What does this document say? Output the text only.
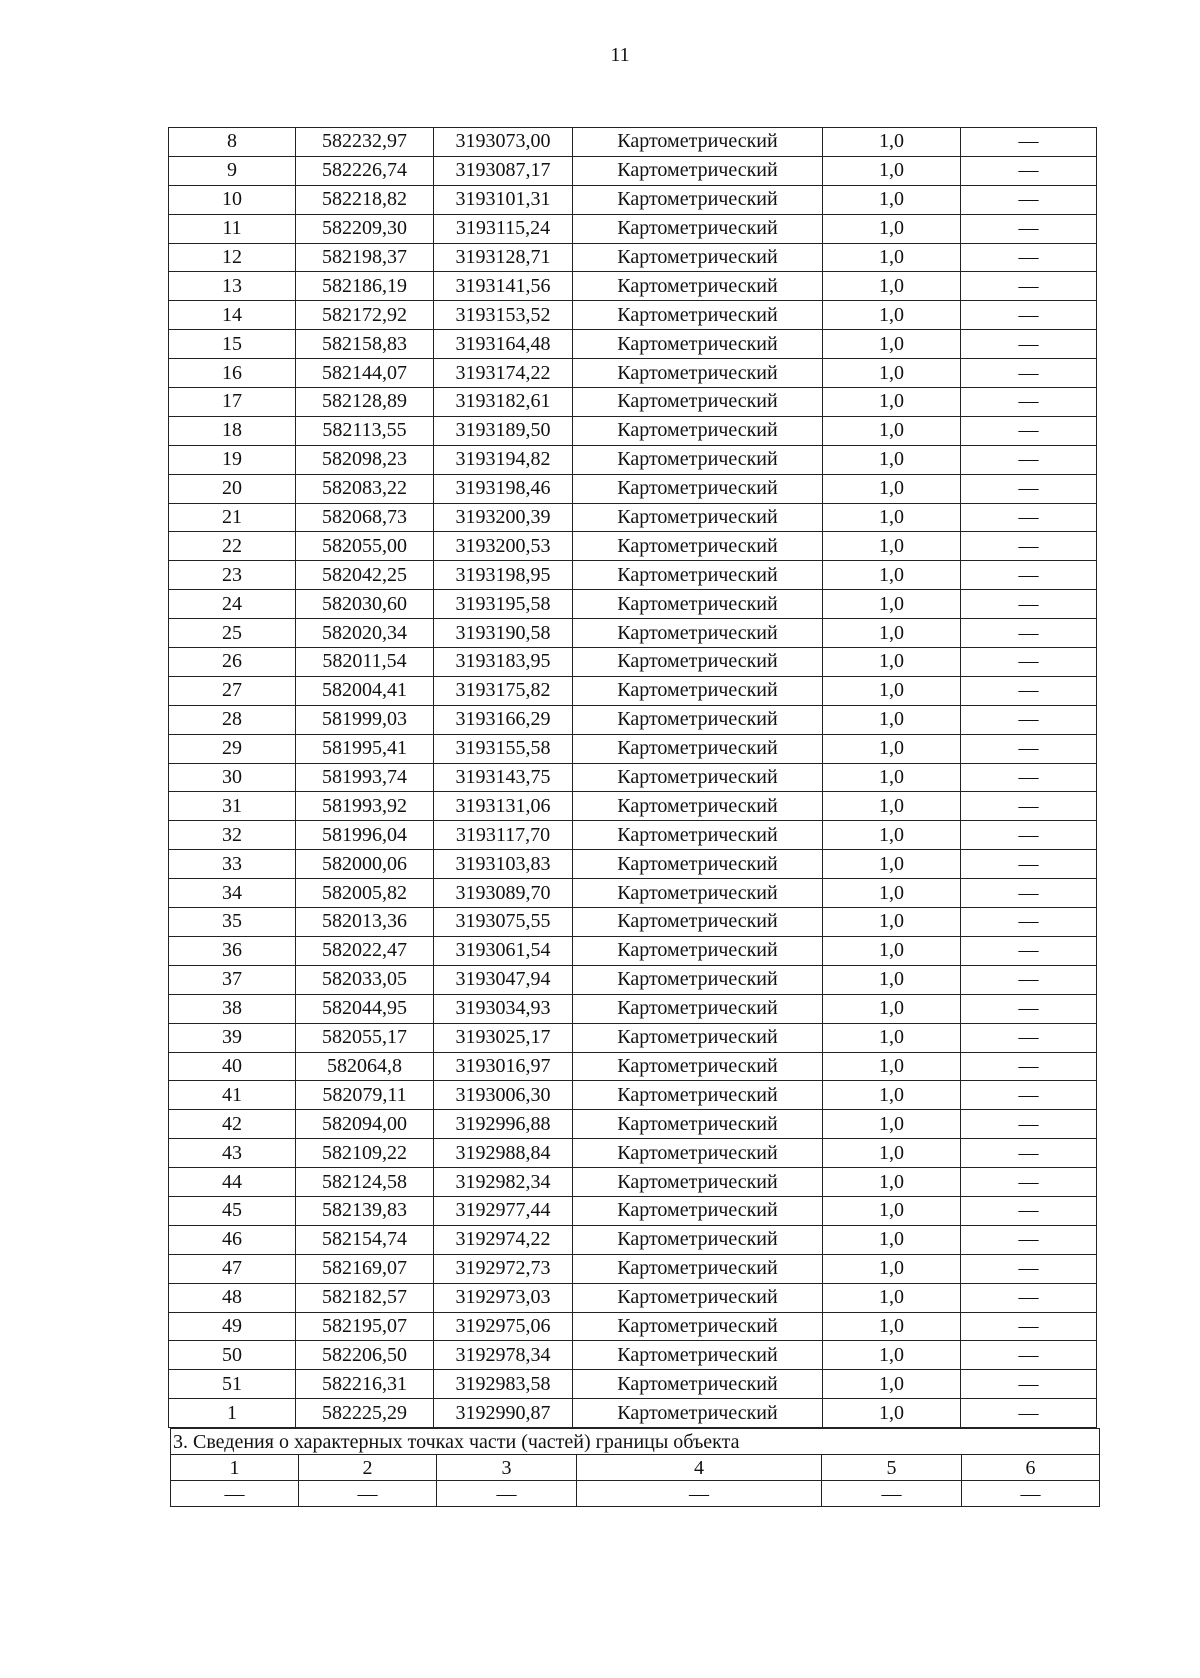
11
8	582232,97	3193073,00	Картометрический	1,0	—
9	582226,74	3193087,17	Картометрический	1,0	—
10	582218,82	3193101,31	Картометрический	1,0	—
11	582209,30	3193115,24	Картометрический	1,0	—
12	582198,37	3193128,71	Картометрический	1,0	—
13	582186,19	3193141,56	Картометрический	1,0	—
14	582172,92	3193153,52	Картометрический	1,0	—
15	582158,83	3193164,48	Картометрический	1,0	—
16	582144,07	3193174,22	Картометрический	1,0	—
17	582128,89	3193182,61	Картометрический	1,0	—
18	582113,55	3193189,50	Картометрический	1,0	—
19	582098,23	3193194,82	Картометрический	1,0	—
20	582083,22	3193198,46	Картометрический	1,0	—
21	582068,73	3193200,39	Картометрический	1,0	—
22	582055,00	3193200,53	Картометрический	1,0	—
23	582042,25	3193198,95	Картометрический	1,0	—
24	582030,60	3193195,58	Картометрический	1,0	—
25	582020,34	3193190,58	Картометрический	1,0	—
26	582011,54	3193183,95	Картометрический	1,0	—
27	582004,41	3193175,82	Картометрический	1,0	—
28	581999,03	3193166,29	Картометрический	1,0	—
29	581995,41	3193155,58	Картометрический	1,0	—
30	581993,74	3193143,75	Картометрический	1,0	—
31	581993,92	3193131,06	Картометрический	1,0	—
32	581996,04	3193117,70	Картометрический	1,0	—
33	582000,06	3193103,83	Картометрический	1,0	—
34	582005,82	3193089,70	Картометрический	1,0	—
35	582013,36	3193075,55	Картометрический	1,0	—
36	582022,47	3193061,54	Картометрический	1,0	—
37	582033,05	3193047,94	Картометрический	1,0	—
38	582044,95	3193034,93	Картометрический	1,0	—
39	582055,17	3193025,17	Картометрический	1,0	—
40	582064,8	3193016,97	Картометрический	1,0	—
41	582079,11	3193006,30	Картометрический	1,0	—
42	582094,00	3192996,88	Картометрический	1,0	—
43	582109,22	3192988,84	Картометрический	1,0	—
44	582124,58	3192982,34	Картометрический	1,0	—
45	582139,83	3192977,44	Картометрический	1,0	—
46	582154,74	3192974,22	Картометрический	1,0	—
47	582169,07	3192972,73	Картометрический	1,0	—
48	582182,57	3192973,03	Картометрический	1,0	—
49	582195,07	3192975,06	Картометрический	1,0	—
50	582206,50	3192978,34	Картометрический	1,0	—
51	582216,31	3192983,58	Картометрический	1,0	—
1	582225,29	3192990,87	Картометрический	1,0	—
3. Сведения о характерных точках части (частей) границы объекта					
1	2	3	4	5	6
—	—	—	—	—	—
